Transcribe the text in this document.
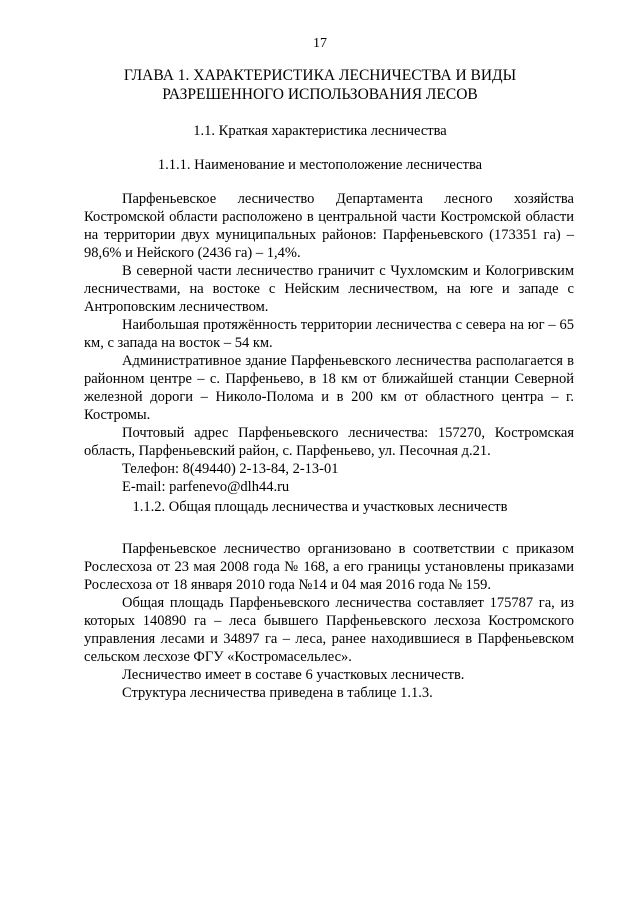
17
ГЛАВА 1. ХАРАКТЕРИСТИКА ЛЕСНИЧЕСТВА И ВИДЫ
РАЗРЕШЕННОГО ИСПОЛЬЗОВАНИЯ ЛЕСОВ
1.1. Краткая характеристика лесничества
1.1.1. Наименование и местоположение лесничества

Парфеньевское лесничество Департамента лесного хозяйства Костромской области расположено в центральной части Костромской области на территории двух муниципальных районов: Парфеньевского (173351 га) – 98,6% и Нейского (2436 га) – 1,4%.

В северной части лесничество граничит с Чухломским и Кологривским лесничествами, на востоке с Нейским лесничеством, на юге и западе с Антроповским лесничеством.

Наибольшая протяжённость территории лесничества с севера на юг – 65 км, с запада на восток – 54 км.

Административное здание Парфеньевского лесничества располагается в районном центре – с. Парфеньево, в 18 км от ближайшей станции Северной железной дороги – Николо-Полома и в 200 км от областного центра – г. Костромы.

Почтовый адрес Парфеньевского лесничества: 157270, Костромская область, Парфеньевский район, с. Парфеньево, ул. Песочная д.21.

Телефон: 8(49440) 2-13-84, 2-13-01

E-mail: parfenevo@dlh44.ru

1.1.2. Общая площадь лесничества и участковых лесничеств

Парфеньевское лесничество организовано в соответствии с приказом Рослесхоза от 23 мая 2008 года № 168, а его границы установлены приказами Рослесхоза от 18 января 2010 года №14 и 04 мая 2016 года № 159.

Общая площадь Парфеньевского лесничества составляет 175787 га, из которых 140890 га – леса бывшего Парфеньевского лесхоза Костромского управления лесами и 34897 га – леса, ранее находившиеся в Парфеньевском сельском лесхозе ФГУ «Костромасельлес».

Лесничество имеет в составе 6 участковых лесничеств.

Структура лесничества приведена в таблице 1.1.3.
